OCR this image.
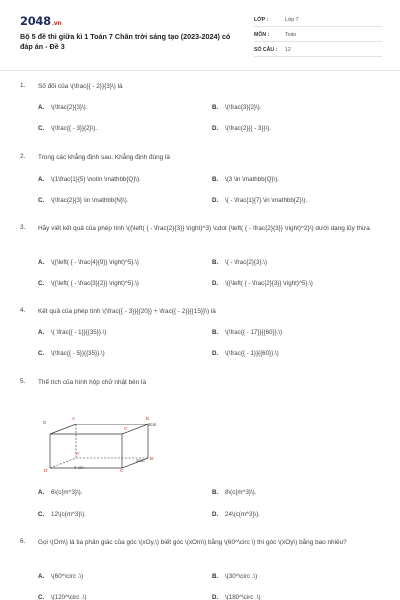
2048.vn
Bộ 5 đề thi giữa kì 1 Toán 7 Chân trời sáng tạo (2023-2024) có đáp án - Đề 3
LỚP :	Lớp 7
MÔN :	Toán
SỐ CÂU : 12
1. Số đối của \(\frac{{ - 2}}{3}\) là
A. \(\frac{2}{3}\).	B. \(\frac{3}{2}\).
C. \(\frac{{ - 3}}{2}\).	D. \(\frac{2}{{ - 3}}\).
2. Trong các khẳng định sau. Khẳng định đúng là
A. \(1\frac{1}{5} \notin \mathbb{Q}\).	B. \(3 \in \mathbb{Q}\).
C. \(\frac{2}{3} \in \mathbb{N}\).	D. \( - \frac{1}{7} \in \mathbb{Z}\).
3. Hãy viết kết quả của phép tính \({\left( { - \frac{2}{3}} \right)^3} \cdot {\left( { - \frac{2}{3}} \right)^2}\) dưới dạng lũy thừa.
A. \({\left( { - \frac{4}{9}} \right)^5}.\)	B. \( - \frac{2}{3}.\)
C. \({\left( { - \frac{3}{2}} \right)^5}.\)	D. \({\left( { - \frac{2}{3}} \right)^5}.\)
4. Kết quả của phép tính \(\frac{{ - 3}}{{20}} + \frac{{ - 2}}{{15}}\) là
A. \( \frac{{ - 1}}{{35}}.\)	B. \(\frac{{ - 17}}{{60}}.\)
C. \(\frac{{ - 5}}{{35}}.\)	D. \(\frac{{ - 1}}{{60}}.\)
5. Thể tích của hình hộp chữ nhật bên là
A. 6\(c{m^3}\).	B. 8\(c{m^3}\).
C. 12\(c{m^3}\).	D. 24\(c{m^3}\).
A	B
D
C
A'
B'
D'	C'
3cm
2cm
4 cm
6. Gọi \(Om\) là tia phân giác của góc \(xOy,\) biết góc \(xOm\) bằng \(60^\circ \) thì góc \(xOy\) bằng bao nhiêu?
A. \(60^\circ .\)	B. \(30^\circ .\)
C. \(120^\circ .\)	D. \(180^\circ .\)
